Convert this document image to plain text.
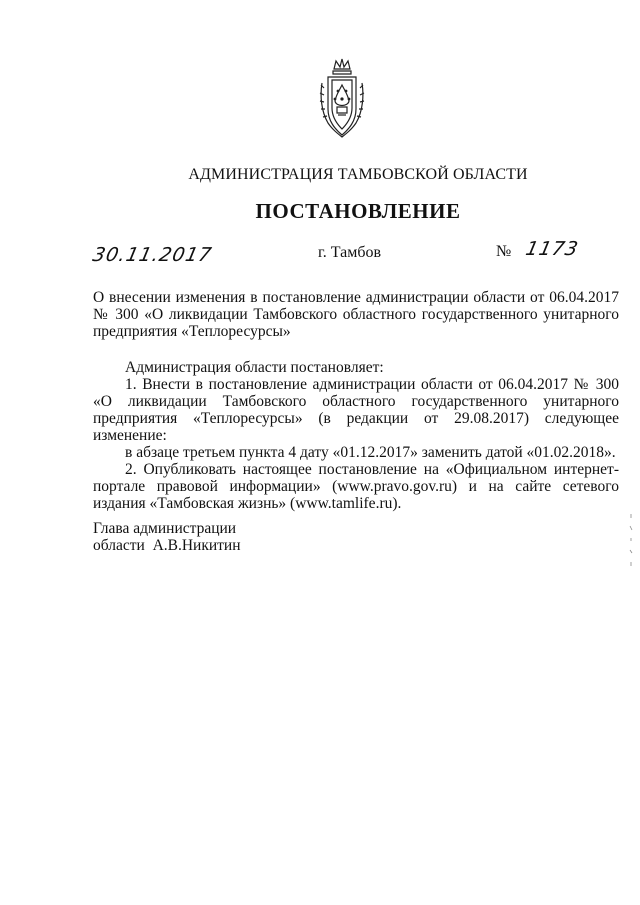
АДМИНИСТРАЦИЯ ТАМБОВСКОЙ ОБЛАСТИ
ПОСТАНОВЛЕНИЕ
30.11.2017	г. Тамбов	№ 1173
О внесении изменения в постановление администрации области от 06.04.2017 № 300 «О ликвидации Тамбовского областного государственного унитарного предприятия «Теплоресурсы»

Администрация области постановляет:

1. Внести в постановление администрации области от 06.04.2017 № 300 «О ликвидации Тамбовского областного государственного унитарного предприятия «Теплоресурсы» (в редакции от 29.08.2017) следующее изменение:

в абзаце третьем пункта 4 дату «01.12.2017» заменить датой «01.02.2018».

2. Опубликовать настоящее постановление на «Официальном интернет-портале правовой информации» (www.pravo.gov.ru) и на сайте сетевого издания «Тамбовская жизнь» (www.tamlife.ru).

Глава администрации
области  А.В.Никитин
